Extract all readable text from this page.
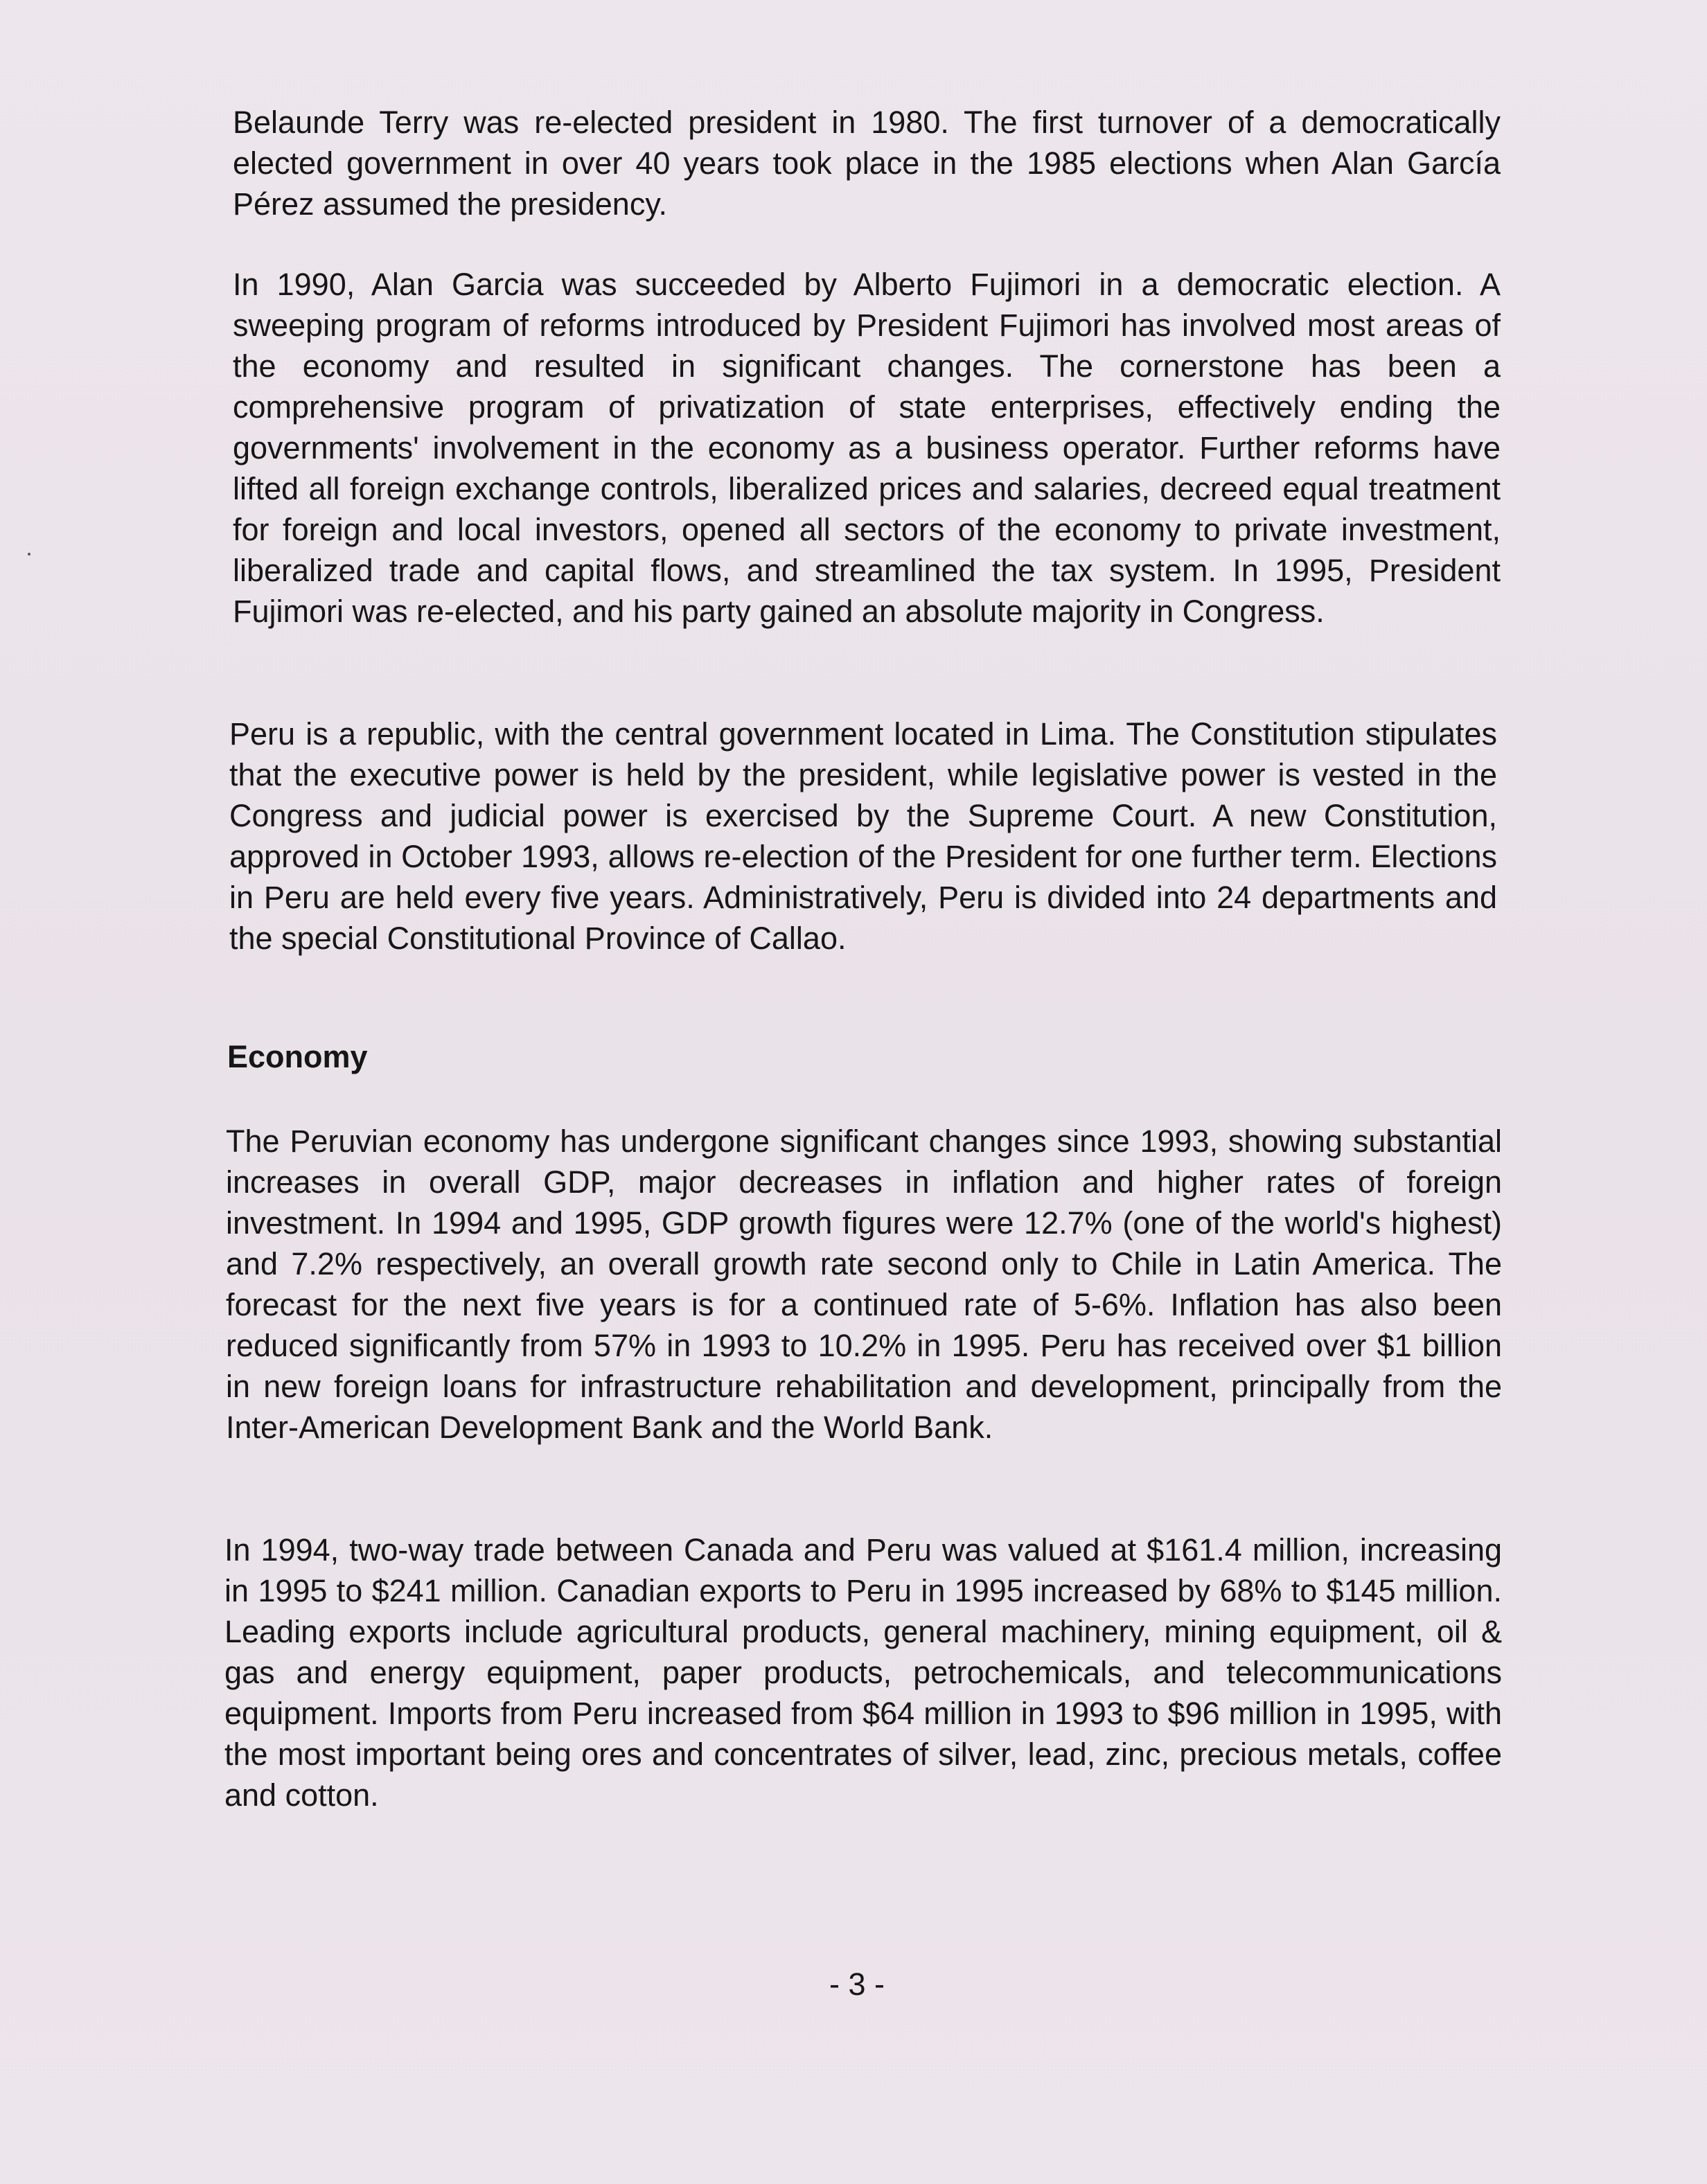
Belaunde Terry was re-elected president in 1980. The first turnover of a democratically elected government in over 40 years took place in the 1985 elections when Alan García Pérez assumed the presidency.

In 1990, Alan Garcia was succeeded by Alberto Fujimori in a democratic election. A sweeping program of reforms introduced by President Fujimori has involved most areas of the economy and resulted in significant changes. The cornerstone has been a comprehensive program of privatization of state enterprises, effectively ending the governments' involvement in the economy as a business operator. Further reforms have lifted all foreign exchange controls, liberalized prices and salaries, decreed equal treatment for foreign and local investors, opened all sectors of the economy to private investment, liberalized trade and capital flows, and streamlined the tax system. In 1995, President Fujimori was re-elected, and his party gained an absolute majority in Congress.

Peru is a republic, with the central government located in Lima. The Constitution stipulates that the executive power is held by the president, while legislative power is vested in the Congress and judicial power is exercised by the Supreme Court. A new Constitution, approved in October 1993, allows re-election of the President for one further term. Elections in Peru are held every five years. Administratively, Peru is divided into 24 departments and the special Constitutional Province of Callao.

Economy

The Peruvian economy has undergone significant changes since 1993, showing substantial increases in overall GDP, major decreases in inflation and higher rates of foreign investment. In 1994 and 1995, GDP growth figures were 12.7% (one of the world's highest) and 7.2% respectively, an overall growth rate second only to Chile in Latin America. The forecast for the next five years is for a continued rate of 5-6%. Inflation has also been reduced significantly from 57% in 1993 to 10.2% in 1995. Peru has received over $1 billion in new foreign loans for infrastructure rehabilitation and development, principally from the Inter-American Development Bank and the World Bank.

In 1994, two-way trade between Canada and Peru was valued at $161.4 million, increasing in 1995 to $241 million. Canadian exports to Peru in 1995 increased by 68% to $145 million. Leading exports include agricultural products, general machinery, mining equipment, oil & gas and energy equipment, paper products, petrochemicals, and telecommunications equipment. Imports from Peru increased from $64 million in 1993 to $96 million in 1995, with the most important being ores and concentrates of silver, lead, zinc, precious metals, coffee and cotton.

- 3 -
